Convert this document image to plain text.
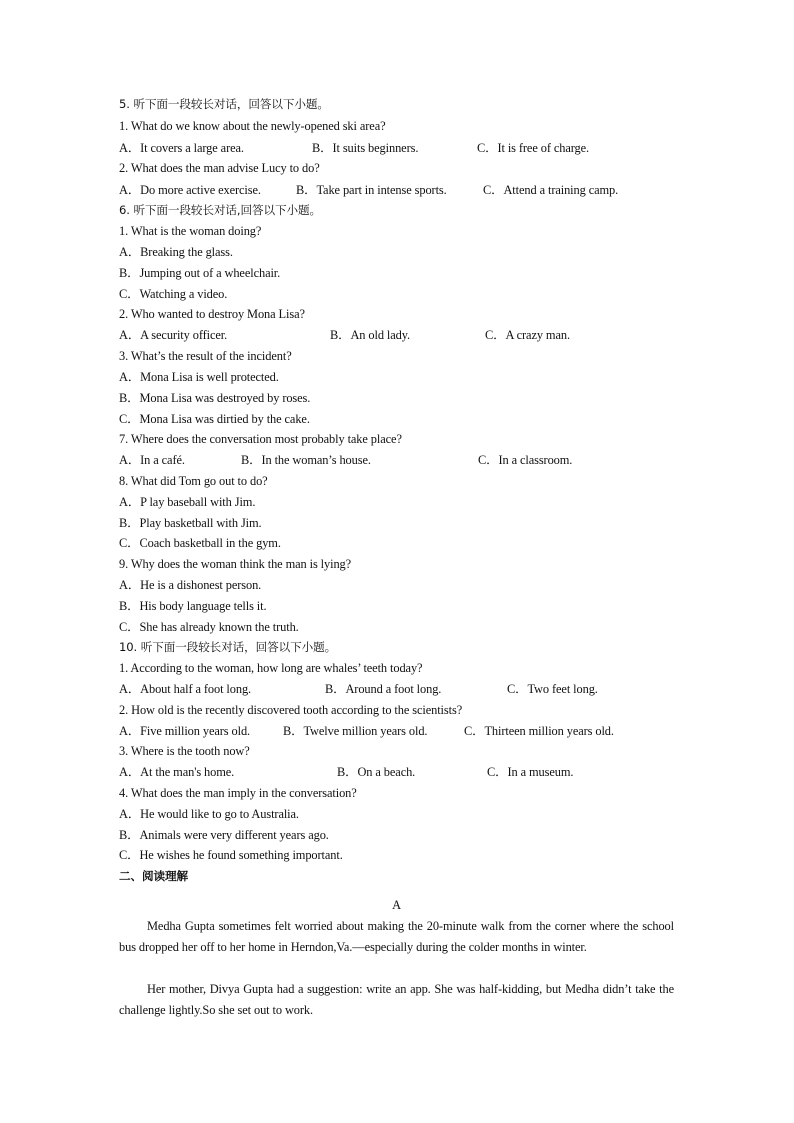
5. 听下面一段较长对话，回答以下小题。
1. What do we know about the newly-opened ski area?
A．It covers a large area.	B．It suits beginners.	C．It is free of charge.
2. What does the man advise Lucy to do?
A．Do more active exercise.	B．Take part in intense sports.	C．Attend a training camp.
6. 听下面一段较长对话,回答以下小题。
1. What is the woman doing?
A．Breaking the glass.
B．Jumping out of a wheelchair.
C．Watching a video.
2. Who wanted to destroy Mona Lisa?
A．A security officer.	B．An old lady.	C．A crazy man.
3. What’s the result of the incident?
A．Mona Lisa is well protected.
B．Mona Lisa was destroyed by roses.
C．Mona Lisa was dirtied by the cake.
7. Where does the conversation most probably take place?
A．In a café.	B．In the woman’s house.	C．In a classroom.
8. What did Tom go out to do?
A．P lay baseball with Jim.
B．Play basketball with Jim.
C．Coach basketball in the gym.
9. Why does the woman think the man is lying?
A．He is a dishonest person.
B．His body language tells it.
C．She has already known the truth.
10. 听下面一段较长对话，回答以下小题。
1. According to the woman, how long are whales’ teeth today?
A．About half a foot long.	B．Around a foot long.	C．Two feet long.
2. How old is the recently discovered tooth according to the scientists?
A．Five million years old.	B．Twelve million years old.	C．Thirteen million years old.
3. Where is the tooth now?
A．At the man's home.	B．On a beach.	C．In a museum.
4. What does the man imply in the conversation?
A．He would like to go to Australia.
B．Animals were very different years ago.
C．He wishes he found something important.
二、阅读理解
A
Medha Gupta sometimes felt worried about making the 20-minute walk from the corner where the school bus dropped her off to her home in Herndon,Va.—especially during the colder months in winter.
Her mother, Divya Gupta had a suggestion: write an app. She was half-kidding, but Medha didn’t take the challenge lightly.So she set out to work.
